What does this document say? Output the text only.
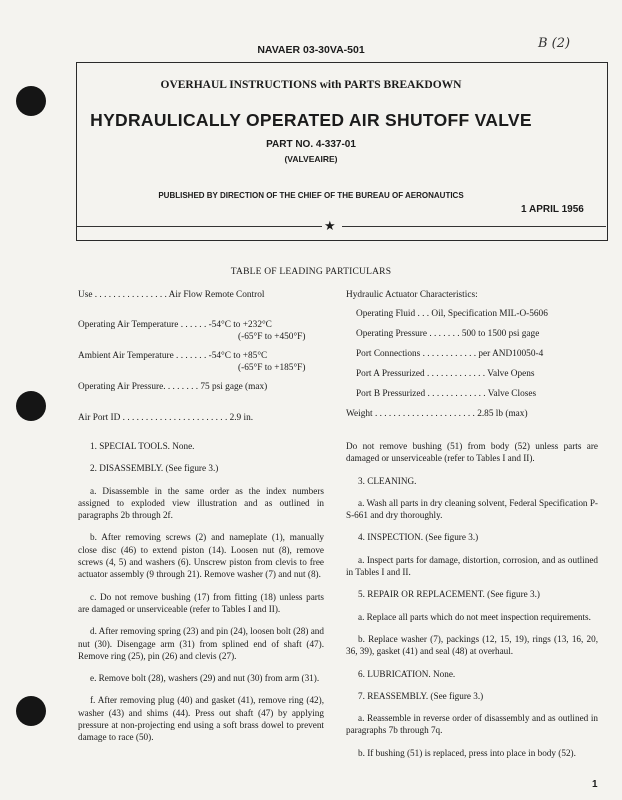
NAVAER 03-30VA-501	B (2)
OVERHAUL INSTRUCTIONS with PARTS BREAKDOWN
HYDRAULICALLY OPERATED AIR SHUTOFF VALVE
PART NO. 4-337-01
(VALVEAIRE)
PUBLISHED BY DIRECTION OF THE CHIEF OF THE BUREAU OF AERONAUTICS
1 APRIL 1956
★
TABLE OF LEADING PARTICULARS
Use . . . . . . . . . . . . . . . . Air Flow Remote Control
Operating Air Temperature . . . . . . -54°C to +232°C
(-65°F to +450°F)
Ambient Air Temperature . . . . . . . -54°C to +85°C
(-65°F to +185°F)
Operating Air Pressure. . . . . . . . 75 psi gage (max)
Air Port ID . . . . . . . . . . . . . . . . . . . . . . . 2.9 in.
Hydraulic Actuator Characteristics:
Operating Fluid . . . Oil, Specification MIL-O-5606
Operating Pressure . . . . . . . 500 to 1500 psi gage
Port Connections . . . . . . . . . . . . per AND10050-4
Port A Pressurized . . . . . . . . . . . . . Valve Opens
Port B Pressurized . . . . . . . . . . . . . Valve Closes
Weight . . . . . . . . . . . . . . . . . . . . . . 2.85 lb (max)

1. SPECIAL TOOLS. None.

2. DISASSEMBLY. (See figure 3.)

a. Disassemble in the same order as the index numbers assigned to exploded view illustration and as outlined in paragraphs 2b through 2f.

b. After removing screws (2) and nameplate (1), manually close disc (46) to extend piston (14). Loosen nut (8), remove screws (4, 5) and washers (6). Unscrew piston from clevis to free actuator assembly (9 through 21). Remove washer (7) and nut (8).

c. Do not remove bushing (17) from fitting (18) unless parts are damaged or unserviceable (refer to Tables I and II).

d. After removing spring (23) and pin (24), loosen bolt (28) and nut (30). Disengage arm (31) from splined end of shaft (47). Remove ring (25), pin (26) and clevis (27).

e. Remove bolt (28), washers (29) and nut (30) from arm (31).

f. After removing plug (40) and gasket (41), remove ring (42), washer (43) and shims (44). Press out shaft (47) by applying pressure at non-projecting end using a soft brass dowel to prevent damage to race (50).

Do not remove bushing (51) from body (52) unless parts are damaged or unserviceable (refer to Tables I and II).

3. CLEANING.

a. Wash all parts in dry cleaning solvent, Federal Specification P-S-661 and dry thoroughly.

4. INSPECTION. (See figure 3.)

a. Inspect parts for damage, distortion, corrosion, and as outlined in Tables I and II.

5. REPAIR OR REPLACEMENT. (See figure 3.)

a. Replace all parts which do not meet inspection requirements.

b. Replace washer (7), packings (12, 15, 19), rings (13, 16, 20, 36, 39), gasket (41) and seal (48) at overhaul.

6. LUBRICATION. None.

7. REASSEMBLY. (See figure 3.)

a. Reassemble in reverse order of disassembly and as outlined in paragraphs 7b through 7q.

b. If bushing (51) is replaced, press into place in body (52).

1
